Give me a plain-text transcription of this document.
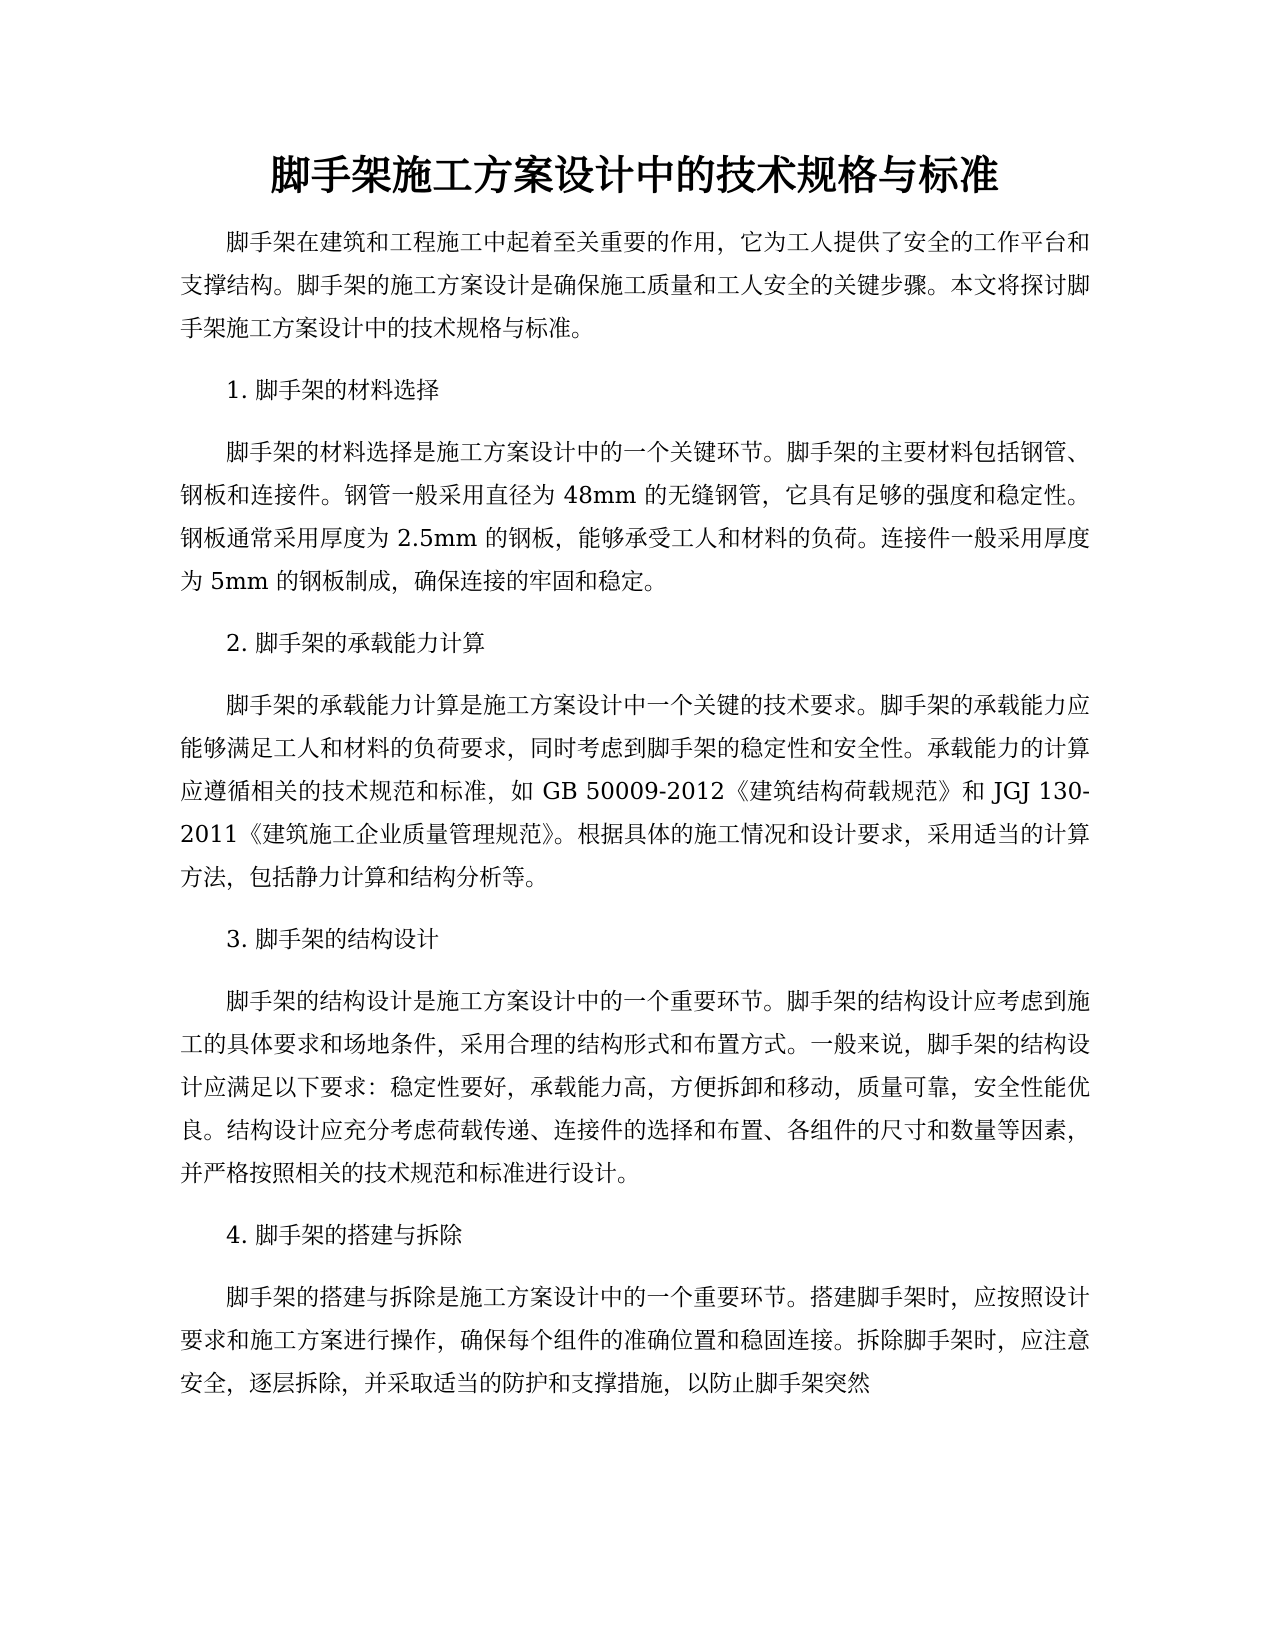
脚手架施工方案设计中的技术规格与标准

脚手架在建筑和工程施工中起着至关重要的作用，它为工人提供了安全的工作平台和支撑结构。脚手架的施工方案设计是确保施工质量和工人安全的关键步骤。本文将探讨脚手架施工方案设计中的技术规格与标准。

1. 脚手架的材料选择

脚手架的材料选择是施工方案设计中的一个关键环节。脚手架的主要材料包括钢管、钢板和连接件。钢管一般采用直径为 48mm 的无缝钢管，它具有足够的强度和稳定性。钢板通常采用厚度为 2.5mm 的钢板，能够承受工人和材料的负荷。连接件一般采用厚度为 5mm 的钢板制成，确保连接的牢固和稳定。

2. 脚手架的承载能力计算

脚手架的承载能力计算是施工方案设计中一个关键的技术要求。脚手架的承载能力应能够满足工人和材料的负荷要求，同时考虑到脚手架的稳定性和安全性。承载能力的计算应遵循相关的技术规范和标准，如 GB 50009-2012《建筑结构荷载规范》和 JGJ 130-2011《建筑施工企业质量管理规范》。根据具体的施工情况和设计要求，采用适当的计算方法，包括静力计算和结构分析等。

3. 脚手架的结构设计

脚手架的结构设计是施工方案设计中的一个重要环节。脚手架的结构设计应考虑到施工的具体要求和场地条件，采用合理的结构形式和布置方式。一般来说，脚手架的结构设计应满足以下要求：稳定性要好，承载能力高，方便拆卸和移动，质量可靠，安全性能优良。结构设计应充分考虑荷载传递、连接件的选择和布置、各组件的尺寸和数量等因素，并严格按照相关的技术规范和标准进行设计。

4. 脚手架的搭建与拆除

脚手架的搭建与拆除是施工方案设计中的一个重要环节。搭建脚手架时，应按照设计要求和施工方案进行操作，确保每个组件的准确位置和稳固连接。拆除脚手架时，应注意安全，逐层拆除，并采取适当的防护和支撑措施，以防止脚手架突然
